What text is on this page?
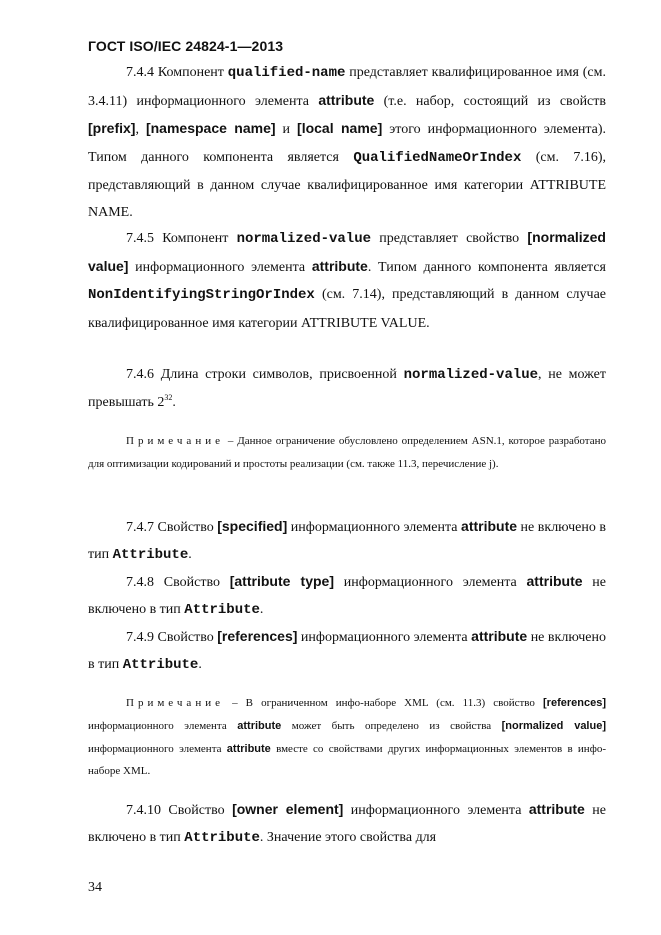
ГОСТ ISO/IEC 24824-1—2013

7.4.4 Компонент qualified-name представляет квалифицированное имя (см. 3.4.11) информационного элемента attribute (т.е. набор, состоящий из свойств [prefix], [namespace name] и [local name] этого информационного элемента). Типом данного компонента является QualifiedNameOrIndex (см. 7.16), представляющий в данном случае квалифицированное имя категории ATTRIBUTE NAME.

7.4.5 Компонент normalized-value представляет свойство [normalized value] информационного элемента attribute. Типом данного компонента является NonIdentifyingStringOrIndex (см. 7.14), представляющий в данном случае квалифицированное имя категории ATTRIBUTE VALUE.

7.4.6 Длина строки символов, присвоенной normalized-value, не может превышать $2^{32}$.

Примечание – Данное ограничение обусловлено определением ASN.1, которое разработано для оптимизации кодирований и простоты реализации (см. также 11.3, перечисление j).

7.4.7 Свойство [specified] информационного элемента attribute не включено в тип Attribute.

7.4.8 Свойство [attribute type] информационного элемента attribute не включено в тип Attribute.

7.4.9 Свойство [references] информационного элемента attribute не включено в тип Attribute.

Примечание – В ограниченном инфо-наборе XML (см. 11.3) свойство [references] информационного элемента attribute может быть определено из свойства [normalized value] информационного элемента attribute вместе со свойствами других информационных элементов в инфо-наборе XML.

7.4.10 Свойство [owner element] информационного элемента attribute не включено в тип Attribute. Значение этого свойства для

34
